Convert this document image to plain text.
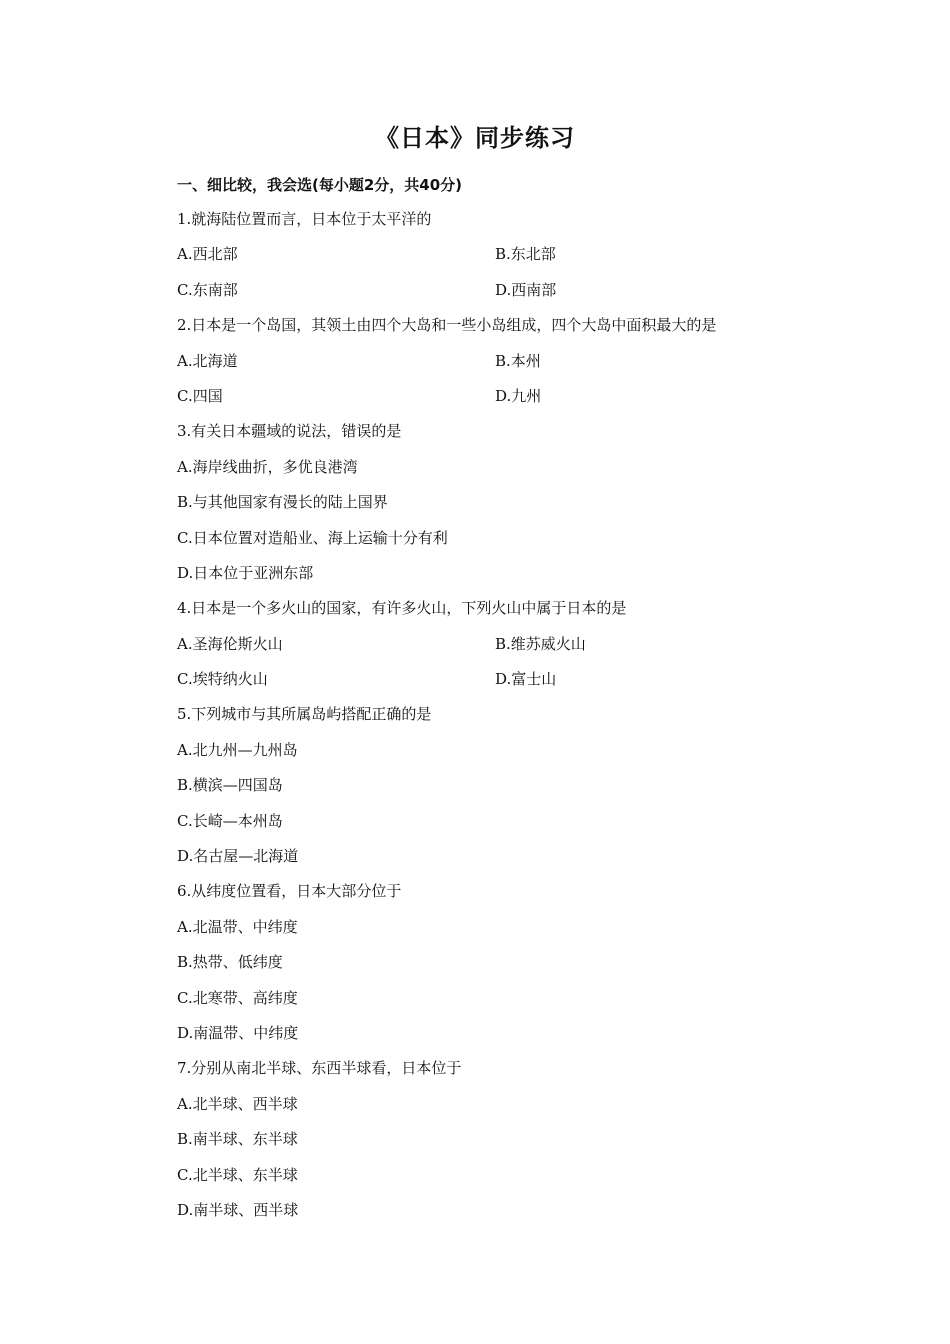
《日本》同步练习
一、细比较，我会选(每小题2分，共40分)
1.就海陆位置而言，日本位于太平洋的
A.西北部	B.东北部
C.东南部	D.西南部
2.日本是一个岛国，其领土由四个大岛和一些小岛组成，四个大岛中面积最大的是
A.北海道	B.本州
C.四国	D.九州
3.有关日本疆域的说法，错误的是
A.海岸线曲折，多优良港湾
B.与其他国家有漫长的陆上国界
C.日本位置对造船业、海上运输十分有利
D.日本位于亚洲东部
4.日本是一个多火山的国家，有许多火山，下列火山中属于日本的是
A.圣海伦斯火山	B.维苏威火山
C.埃特纳火山	D.富士山
5.下列城市与其所属岛屿搭配正确的是
A.北九州—九州岛
B.横滨—四国岛
C.长崎—本州岛
D.名古屋—北海道
6.从纬度位置看，日本大部分位于
A.北温带、中纬度
B.热带、低纬度
C.北寒带、高纬度
D.南温带、中纬度
7.分别从南北半球、东西半球看，日本位于
A.北半球、西半球
B.南半球、东半球
C.北半球、东半球
D.南半球、西半球
